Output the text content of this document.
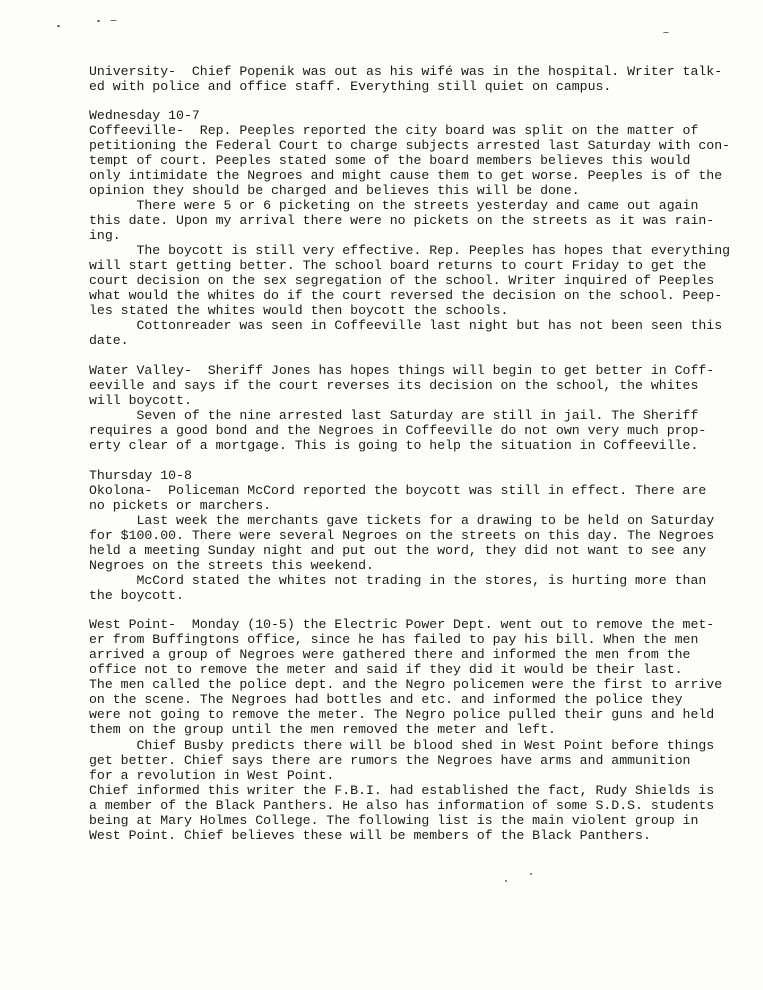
University-  Chief Popenik was out as his wifé was in the hospital. Writer talk-
ed with police and office staff. Everything still quiet on campus.
Wednesday 10-7
Coffeeville-  Rep. Peeples reported the city board was split on the matter of
petitioning the Federal Court to charge subjects arrested last Saturday with con-
tempt of court. Peeples stated some of the board members believes this would
only intimidate the Negroes and might cause them to get worse. Peeples is of the
opinion they should be charged and believes this will be done.
There were 5 or 6 picketing on the streets yesterday and came out again
this date. Upon my arrival there were no pickets on the streets as it was rain-
ing.
The boycott is still very effective. Rep. Peeples has hopes that everything
will start getting better. The school board returns to court Friday to get the
court decision on the sex segregation of the school. Writer inquired of Peeples
what would the whites do if the court reversed the decision on the school. Peep-
les stated the whites would then boycott the schools.
Cottonreader was seen in Coffeeville last night but has not been seen this
date.
Water Valley-  Sheriff Jones has hopes things will begin to get better in Coff-
eeville and says if the court reverses its decision on the school, the whites
will boycott.
Seven of the nine arrested last Saturday are still in jail. The Sheriff
requires a good bond and the Negroes in Coffeeville do not own very much prop-
erty clear of a mortgage. This is going to help the situation in Coffeeville.
Thursday 10-8
Okolona-  Policeman McCord reported the boycott was still in effect. There are
no pickets or marchers.
Last week the merchants gave tickets for a drawing to be held on Saturday
for $100.00. There were several Negroes on the streets on this day. The Negroes
held a meeting Sunday night and put out the word, they did not want to see any
Negroes on the streets this weekend.
McCord stated the whites not trading in the stores, is hurting more than
the boycott.
West Point-  Monday (10-5) the Electric Power Dept. went out to remove the met-
er from Buffingtons office, since he has failed to pay his bill. When the men
arrived a group of Negroes were gathered there and informed the men from the
office not to remove the meter and said if they did it would be their last.
The men called the police dept. and the Negro policemen were the first to arrive
on the scene. The Negroes had bottles and etc. and informed the police they
were not going to remove the meter. The Negro police pulled their guns and held
them on the group until the men removed the meter and left.
Chief Busby predicts there will be blood shed in West Point before things
get better. Chief says there are rumors the Negroes have arms and ammunition
for a revolution in West Point.
Chief informed this writer the F.B.I. had established the fact, Rudy Shields is
a member of the Black Panthers. He also has information of some S.D.S. students
being at Mary Holmes College. The following list is the main violent group in
West Point. Chief believes these will be members of the Black Panthers.
